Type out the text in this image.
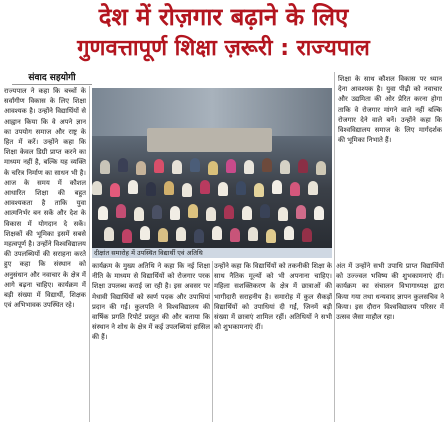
देश में रोज़गार बढ़ाने के लिए
गुणवत्तापूर्ण शिक्षा ज़रूरी : राज्यपाल
संवाद सहयोगी
राज्यपाल ने कहा कि बच्चों के सर्वांगीण विकास के लिए शिक्षा आवश्यक है। उन्होंने विद्यार्थियों से आह्वान किया कि वे अपने ज्ञान का उपयोग समाज और राष्ट्र के हित में करें। उन्होंने कहा कि शिक्षा केवल डिग्री प्राप्त करने का माध्यम नहीं है, बल्कि यह व्यक्ति के चरित्र निर्माण का साधन भी है। आज के समय में कौशल आधारित शिक्षा की बहुत आवश्यकता है ताकि युवा आत्मनिर्भर बन सकें और देश के विकास में योगदान दे सकें। शिक्षकों की भूमिका इसमें सबसे महत्वपूर्ण है। उन्होंने विश्वविद्यालय की उपलब्धियों की सराहना करते हुए कहा कि संस्थान को अनुसंधान और नवाचार के क्षेत्र में आगे बढ़ना चाहिए। कार्यक्रम में बड़ी संख्या में विद्यार्थी, शिक्षक एवं अभिभावक उपस्थित रहे।
दीक्षांत समारोह में उपस्थित विद्यार्थी एवं अतिथि
कार्यक्रम के मुख्य अतिथि ने कहा कि नई शिक्षा नीति के माध्यम से विद्यार्थियों को रोजगार परक शिक्षा उपलब्ध कराई जा रही है। इस अवसर पर मेधावी विद्यार्थियों को स्वर्ण पदक और उपाधियां प्रदान की गईं। कुलपति ने विश्वविद्यालय की वार्षिक प्रगति रिपोर्ट प्रस्तुत की और बताया कि संस्थान ने शोध के क्षेत्र में कई उपलब्धियां हासिल की हैं।
उन्होंने कहा कि विद्यार्थियों को तकनीकी शिक्षा के साथ नैतिक मूल्यों को भी अपनाना चाहिए। महिला सशक्तिकरण के क्षेत्र में छात्राओं की भागीदारी सराहनीय है। समारोह में कुल सैकड़ों विद्यार्थियों को उपाधियां दी गईं, जिनमें बड़ी संख्या में छात्राएं शामिल रहीं। अतिथियों ने सभी को शुभकामनाएं दीं।
शिक्षा के साथ कौशल विकास पर ध्यान देना आवश्यक है। युवा पीढ़ी को नवाचार और उद्यमिता की ओर प्रेरित करना होगा ताकि वे रोजगार मांगने वाले नहीं बल्कि रोजगार देने वाले बनें। उन्होंने कहा कि विश्वविद्यालय समाज के लिए मार्गदर्शक की भूमिका निभाते हैं।
अंत में उन्होंने सभी उपाधि प्राप्त विद्यार्थियों को उज्ज्वल भविष्य की शुभकामनाएं दीं। कार्यक्रम का संचालन विभागाध्यक्ष द्वारा किया गया तथा धन्यवाद ज्ञापन कुलसचिव ने किया। इस दौरान विश्वविद्यालय परिसर में उत्सव जैसा माहौल रहा।
